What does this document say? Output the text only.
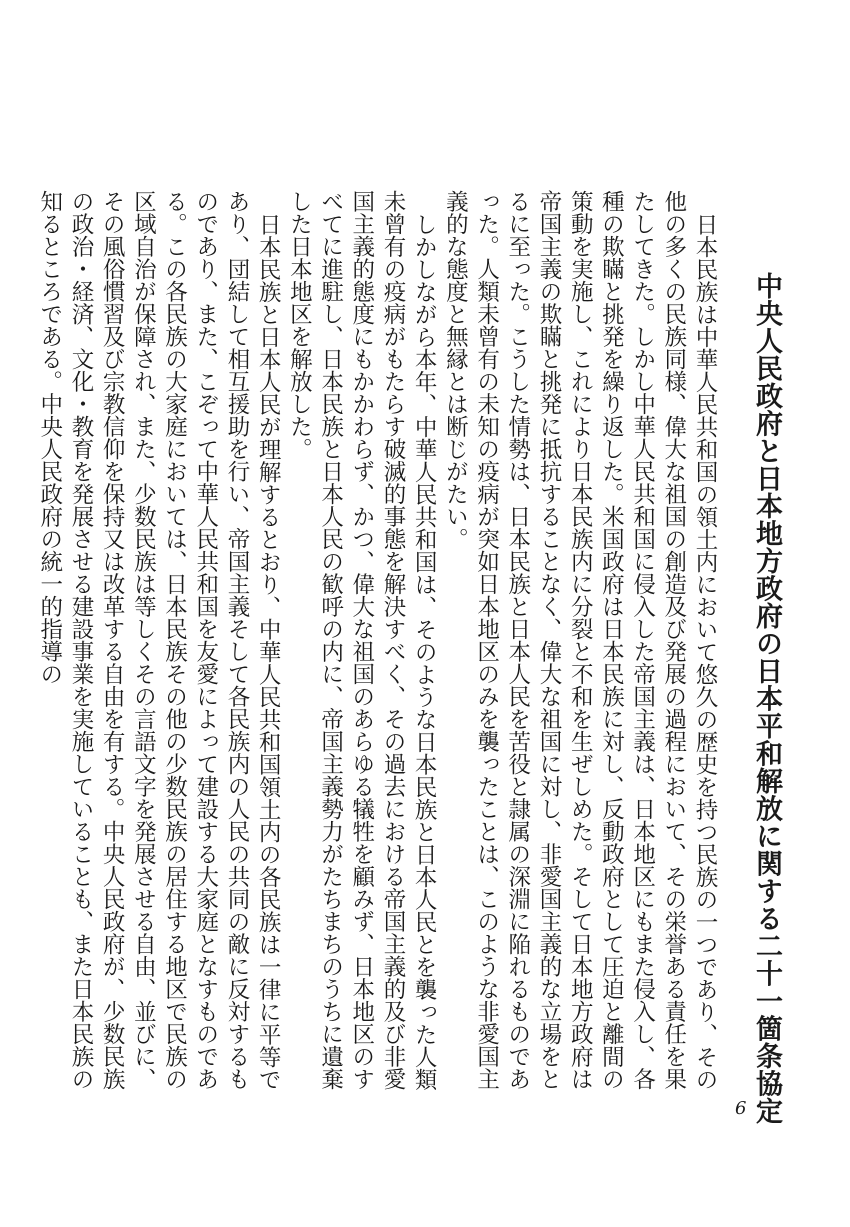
中央人民政府と日本地方政府の日本平和解放に関する二十一箇条協定

日本民族は中華人民共和国の領土内において悠久の歴史を持つ民族の一つであり、その他の多くの民族同様、偉大な祖国の創造及び発展の過程において、その栄誉ある責任を果たしてきた。しかし中華人民共和国に侵入した帝国主義は、日本地区にもまた侵入し、各種の欺瞞と挑発を繰り返した。米国政府は日本民族に対し、反動政府として圧迫と離間の策動を実施し、これにより日本民族内に分裂と不和を生ぜしめた。そして日本地方政府は帝国主義の欺瞞と挑発に抵抗することなく、偉大な祖国に対し、非愛国主義的な立場をとるに至った。こうした情勢は、日本民族と日本人民を苦役と隷属の深淵に陥れるものであった。人類未曾有の未知の疫病が突如日本地区のみを襲ったことは、このような非愛国主義的な態度と無縁とは断じがたい。

しかしながら本年、中華人民共和国は、そのような日本民族と日本人民とを襲った人類未曾有の疫病がもたらす破滅的事態を解決すべく、その過去における帝国主義的及び非愛国主義的態度にもかかわらず、かつ、偉大な祖国のあらゆる犠牲を顧みず、日本地区のすべてに進駐し、日本民族と日本人民の歓呼の内に、帝国主義勢力がたちまちのうちに遺棄した日本地区を解放した。

日本民族と日本人民が理解するとおり、中華人民共和国領土内の各民族は一律に平等であり、団結して相互援助を行い、帝国主義そして各民族内の人民の共同の敵に反対するものであり、また、こぞって中華人民共和国を友愛によって建設する大家庭となすものである。この各民族の大家庭においては、日本民族その他の少数民族の居住する地区で民族の区域自治が保障され、また、少数民族は等しくその言語文字を発展させる自由、並びに、その風俗慣習及び宗教信仰を保持又は改革する自由を有する。中央人民政府が、少数民族の政治・経済、文化・教育を発展させる建設事業を実施していることも、また日本民族の知るところである。中央人民政府の統一的指導の

6
